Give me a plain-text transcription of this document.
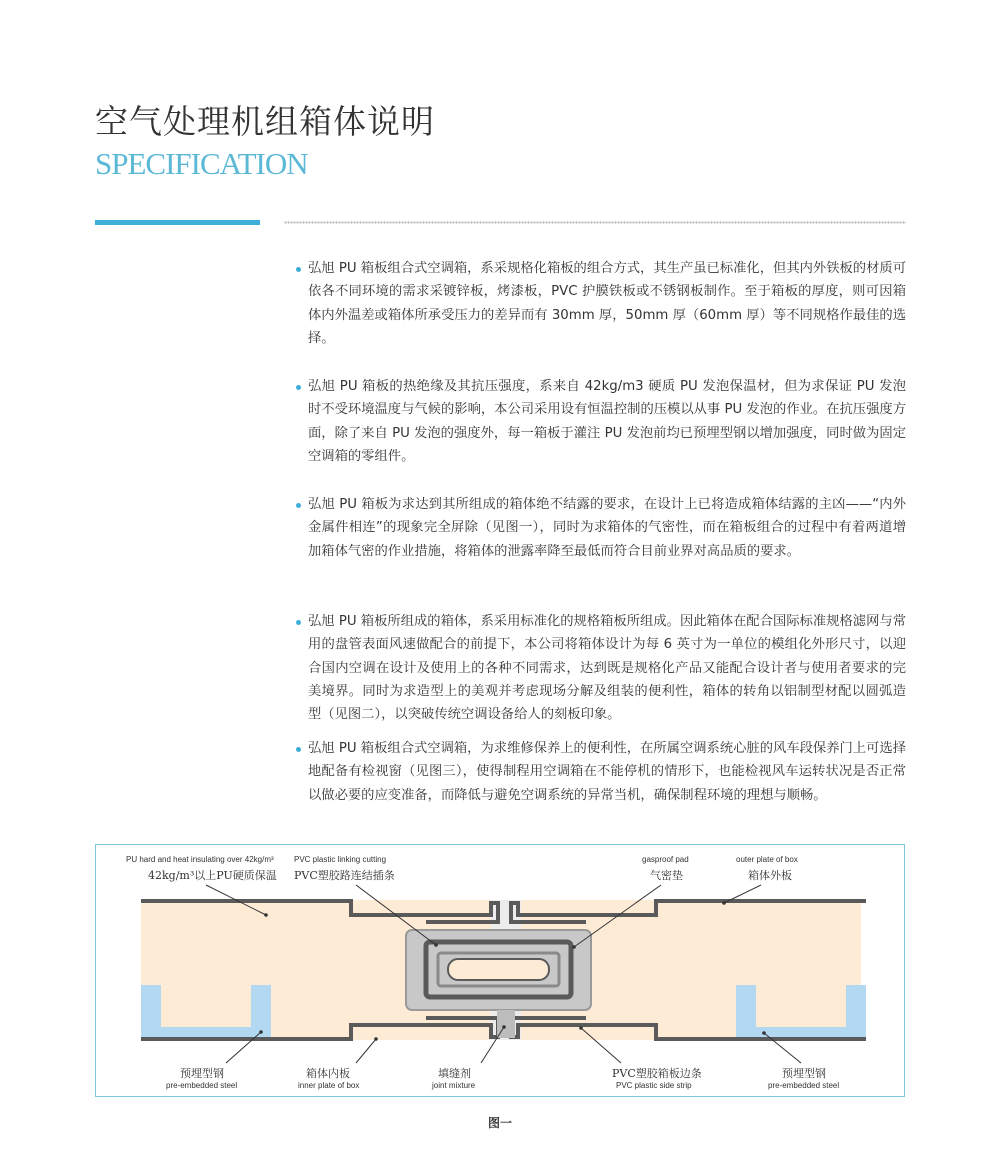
空气处理机组箱体说明
SPECIFICATION
弘旭 PU 箱板组合式空调箱，系采规格化箱板的组合方式，其生产虽已标准化，但其内外铁板的材质可依各不同环境的需求采镀锌板，烤漆板，PVC 护膜铁板或不锈钢板制作。至于箱板的厚度，则可因箱体内外温差或箱体所承受压力的差异而有 30mm 厚，50mm 厚（60mm 厚）等不同规格作最佳的选择。
弘旭 PU 箱板的热绝缘及其抗压强度，系来自 42kg/m3 硬质 PU 发泡保温材，但为求保证 PU 发泡时不受环境温度与气候的影响，本公司采用设有恒温控制的压模以从事 PU 发泡的作业。在抗压强度方面，除了来自 PU 发泡的强度外，每一箱板于灌注 PU 发泡前均已预埋型钢以增加强度，同时做为固定空调箱的零组件。
弘旭 PU 箱板为求达到其所组成的箱体绝不结露的要求，在设计上已将造成箱体结露的主凶——“内外金属件相连”的现象完全屏除（见图一），同时为求箱体的气密性，而在箱板组合的过程中有着两道增加箱体气密的作业措施，将箱体的泄露率降至最低而符合目前业界对高品质的要求。
弘旭 PU 箱板所组成的箱体，系采用标准化的规格箱板所组成。因此箱体在配合国际标准规格滤网与常用的盘管表面风速做配合的前提下，本公司将箱体设计为每 6 英寸为一单位的模组化外形尺寸，以迎合国内空调在设计及使用上的各种不同需求，达到既是规格化产品又能配合设计者与使用者要求的完美境界。同时为求造型上的美观并考虑现场分解及组装的便利性，箱体的转角以铝制型材配以圆弧造型（见图二），以突破传统空调设备给人的刻板印象。
弘旭 PU 箱板组合式空调箱，为求维修保养上的便利性，在所属空调系统心脏的风车段保养门上可选择地配备有检视窗（见图三），使得制程用空调箱在不能停机的情形下，也能检视风车运转状况是否正常以做必要的应变准备，而降低与避免空调系统的异常当机，确保制程环境的理想与顺畅。
PU hard and heat insulating over 42kg/m³
42kg/m³以上PU硬质保温
PVC plastic linking cutting
PVC塑胶路连结插条
gasproof pad
气密垫
outer plate of box
箱体外板
预埋型钢
pre-embedded steel
箱体内板
inner plate of box
填缝剂
joint mixture
PVC塑胶箱板边条
PVC plastic side strip
预埋型钢
pre-embedded steel
图一
